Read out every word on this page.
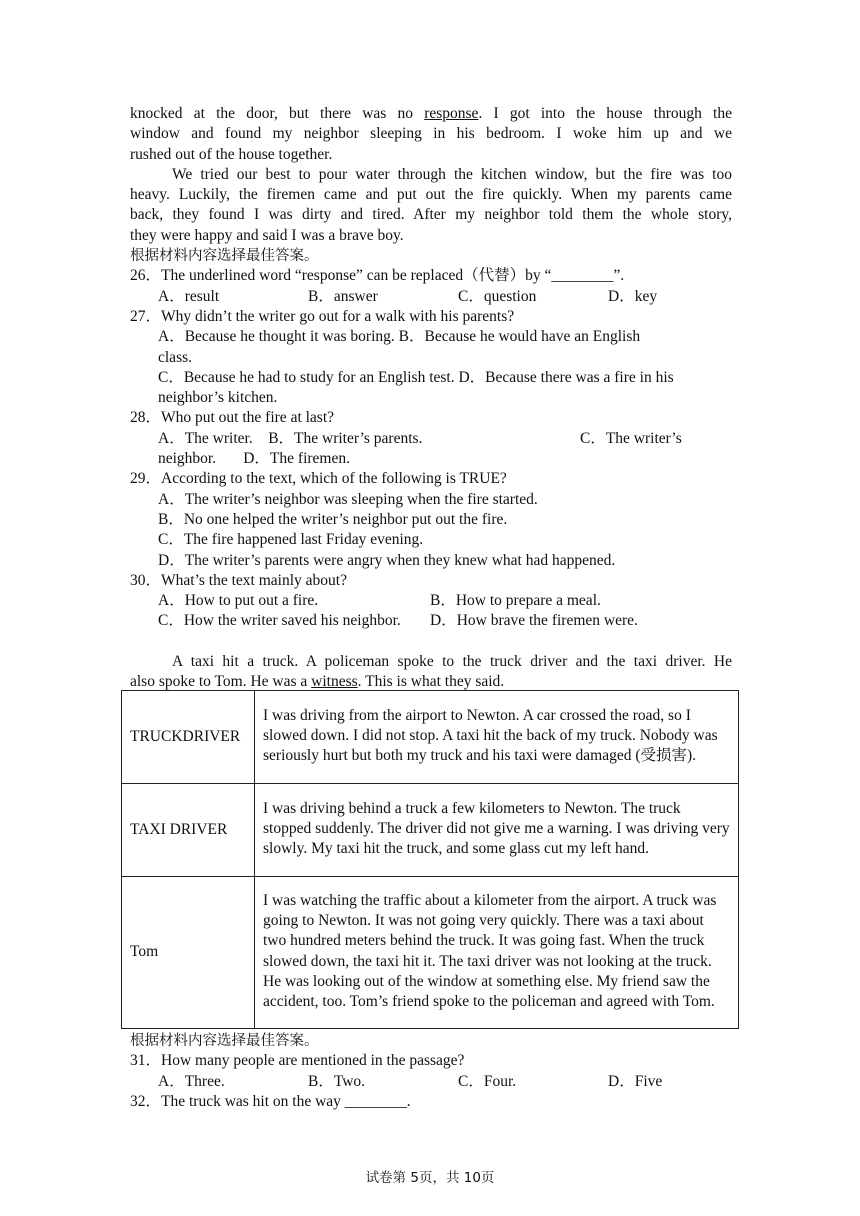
knocked at the door, but there was no response. I got into the house through the
window and found my neighbor sleeping in his bedroom. I woke him up and we
rushed out of the house together.
We tried our best to pour water through the kitchen window, but the fire was too
heavy. Luckily, the firemen came and put out the fire quickly. When my parents came
back, they found I was dirty and tired. After my neighbor told them the whole story,
they were happy and said I was a brave boy.
根据材料内容选择最佳答案。
26．The underlined word “response” can be replaced（代替）by “________”.
A．result	B．answer	C．question	D．key
27．Why didn’t the writer go out for a walk with his parents?
A．Because he thought it was boring. B．Because he would have an English
class.
C．Because he had to study for an English test. D．Because there was a fire in his
neighbor’s kitchen.
28．Who put out the fire at last?
A．The writer.    B．The writer’s parents.	C．The writer’s
neighbor.       D．The firemen.
29．According to the text, which of the following is TRUE?
A．The writer’s neighbor was sleeping when the fire started.
B．No one helped the writer’s neighbor put out the fire.
C．The fire happened last Friday evening.
D．The writer’s parents were angry when they knew what had happened.
30．What’s the text mainly about?
A．How to put out a fire.	B．How to prepare a meal.
C．How the writer saved his neighbor.	D．How brave the firemen were.
A taxi hit a truck. A policeman spoke to the truck driver and the taxi driver. He
also spoke to Tom. He was a witness. This is what they said.
TRUCKDRIVER	I was driving from the airport to Newton. A car crossed the road, so I slowed down. I did not stop. A taxi hit the back of my truck. Nobody was seriously hurt but both my truck and his taxi were damaged (受损害).
TAXI DRIVER	I was driving behind a truck a few kilometers to Newton. The truck stopped suddenly. The driver did not give me a warning. I was driving very slowly. My taxi hit the truck, and some glass cut my left hand.
Tom	I was watching the traffic about a kilometer from the airport. A truck was going to Newton. It was not going very quickly. There was a taxi about two hundred meters behind the truck. It was going fast. When the truck slowed down, the taxi hit it. The taxi driver was not looking at the truck. He was looking out of the window at something else. My friend saw the accident, too. Tom’s friend spoke to the policeman and agreed with Tom.
根据材料内容选择最佳答案。
31．How many people are mentioned in the passage?
A．Three.	B．Two.	C．Four.	D．Five
32．The truck was hit on the way ________.
试卷第 5页，共 10页
